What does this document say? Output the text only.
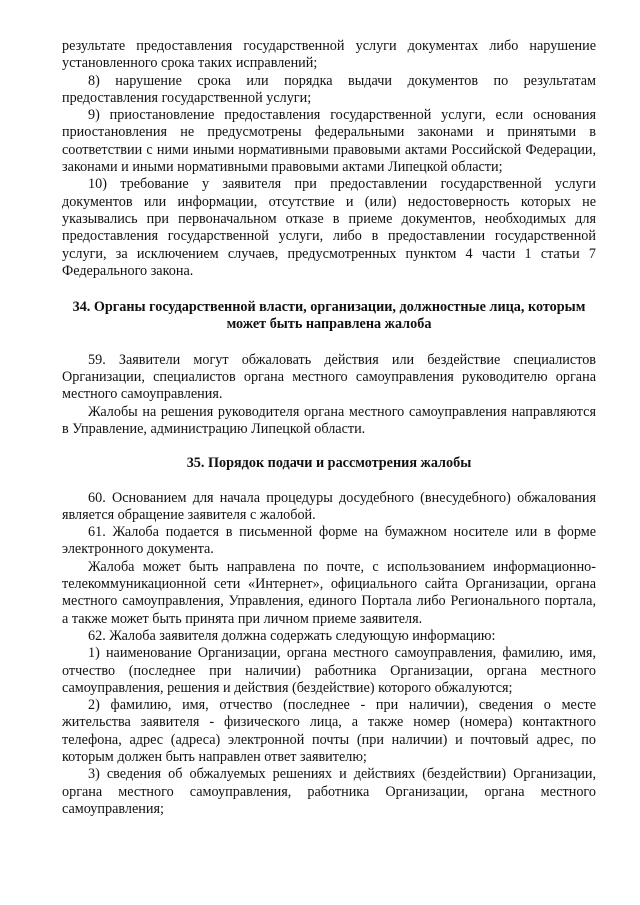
результате предоставления государственной услуги документах либо нарушение установленного срока таких исправлений;

8) нарушение срока или порядка выдачи документов по результатам предоставления государственной услуги;

9) приостановление предоставления государственной услуги, если основания приостановления не предусмотрены федеральными законами и принятыми в соответствии с ними иными нормативными правовыми актами Российской Федерации, законами и иными нормативными правовыми актами Липецкой области;

10) требование у заявителя при предоставлении государственной услуги документов или информации, отсутствие и (или) недостоверность которых не указывались при первоначальном отказе в приеме документов, необходимых для предоставления государственной услуги, либо в предоставлении государственной услуги, за исключением случаев, предусмотренных пунктом 4 части 1 статьи 7 Федерального закона.

34. Органы государственной власти, организации, должностные лица, которым может быть направлена жалоба

59. Заявители могут обжаловать действия или бездействие специалистов Организации, специалистов органа местного самоуправления руководителю органа местного самоуправления.

Жалобы на решения руководителя органа местного самоуправления направляются в Управление, администрацию Липецкой области.

35. Порядок подачи и рассмотрения жалобы

60. Основанием для начала процедуры досудебного (внесудебного) обжалования является обращение заявителя с жалобой.

61. Жалоба подается в письменной форме на бумажном носителе или в форме электронного документа.

Жалоба может быть направлена по почте, с использованием информационно-телекоммуникационной сети «Интернет», официального сайта Организации, органа местного самоуправления, Управления, единого Портала либо Регионального портала, а также может быть принята при личном приеме заявителя.

62. Жалоба заявителя должна содержать следующую информацию:

1) наименование Организации, органа местного самоуправления, фамилию, имя, отчество (последнее при наличии) работника Организации, органа местного самоуправления, решения и действия (бездействие) которого обжалуются;

2) фамилию, имя, отчество (последнее - при наличии), сведения о месте жительства заявителя - физического лица, а также номер (номера) контактного телефона, адрес (адреса) электронной почты (при наличии) и почтовый адрес, по которым должен быть направлен ответ заявителю;

3) сведения об обжалуемых решениях и действиях (бездействии) Организации, органа местного самоуправления, работника Организации, органа местного самоуправления;
